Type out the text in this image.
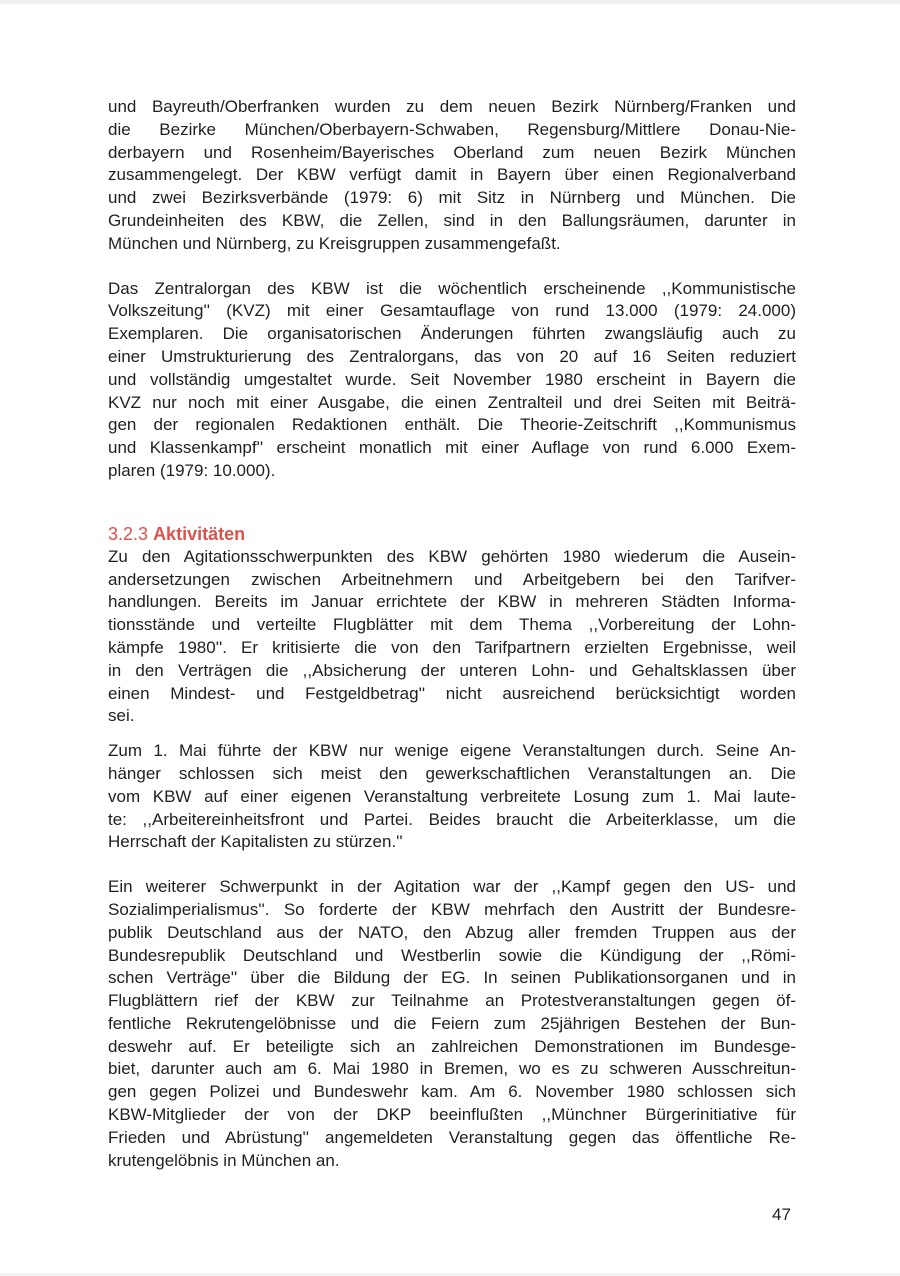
und Bayreuth/Oberfranken wurden zu dem neuen Bezirk Nürnberg/Franken und
die Bezirke München/Oberbayern-Schwaben, Regensburg/Mittlere Donau-Nie-
derbayern und Rosenheim/Bayerisches Oberland zum neuen Bezirk München
zusammengelegt. Der KBW verfügt damit in Bayern über einen Regionalverband
und zwei Bezirksverbände (1979: 6) mit Sitz in Nürnberg und München. Die
Grundeinheiten des KBW, die Zellen, sind in den Ballungsräumen, darunter in
München und Nürnberg, zu Kreisgruppen zusammengefaßt.

Das Zentralorgan des KBW ist die wöchentlich erscheinende ,,Kommunistische
Volkszeitung'' (KVZ) mit einer Gesamtauflage von rund 13.000 (1979: 24.000)
Exemplaren. Die organisatorischen Änderungen führten zwangsläufig auch zu
einer Umstrukturierung des Zentralorgans, das von 20 auf 16 Seiten reduziert
und vollständig umgestaltet wurde. Seit November 1980 erscheint in Bayern die
KVZ nur noch mit einer Ausgabe, die einen Zentralteil und drei Seiten mit Beiträ-
gen der regionalen Redaktionen enthält. Die Theorie-Zeitschrift ,,Kommunismus
und Klassenkampf'' erscheint monatlich mit einer Auflage von rund 6.000 Exem-
plaren (1979: 10.000).

3.2.3 Aktivitäten

Zu den Agitationsschwerpunkten des KBW gehörten 1980 wiederum die Ausein-
andersetzungen zwischen Arbeitnehmern und Arbeitgebern bei den Tarifver-
handlungen. Bereits im Januar errichtete der KBW in mehreren Städten Informa-
tionsstände und verteilte Flugblätter mit dem Thema ,,Vorbereitung der Lohn-
kämpfe 1980''. Er kritisierte die von den Tarifpartnern erzielten Ergebnisse, weil
in den Verträgen die ,,Absicherung der unteren Lohn- und Gehaltsklassen über
einen Mindest- und Festgeldbetrag'' nicht ausreichend berücksichtigt worden
sei.

Zum 1. Mai führte der KBW nur wenige eigene Veranstaltungen durch. Seine An-
hänger schlossen sich meist den gewerkschaftlichen Veranstaltungen an. Die
vom KBW auf einer eigenen Veranstaltung verbreitete Losung zum 1. Mai laute-
te: ,,Arbeitereinheitsfront und Partei. Beides braucht die Arbeiterklasse, um die
Herrschaft der Kapitalisten zu stürzen.''

Ein weiterer Schwerpunkt in der Agitation war der ,,Kampf gegen den US- und
Sozialimperialismus''. So forderte der KBW mehrfach den Austritt der Bundesre-
publik Deutschland aus der NATO, den Abzug aller fremden Truppen aus der
Bundesrepublik Deutschland und Westberlin sowie die Kündigung der ,,Römi-
schen Verträge'' über die Bildung der EG. In seinen Publikationsorganen und in
Flugblättern rief der KBW zur Teilnahme an Protestveranstaltungen gegen öf-
fentliche Rekrutengelöbnisse und die Feiern zum 25jährigen Bestehen der Bun-
deswehr auf. Er beteiligte sich an zahlreichen Demonstrationen im Bundesge-
biet, darunter auch am 6. Mai 1980 in Bremen, wo es zu schweren Ausschreitun-
gen gegen Polizei und Bundeswehr kam. Am 6. November 1980 schlossen sich
KBW-Mitglieder der von der DKP beeinflußten ,,Münchner Bürgerinitiative für
Frieden und Abrüstung'' angemeldeten Veranstaltung gegen das öffentliche Re-
krutengelöbnis in München an.

47
